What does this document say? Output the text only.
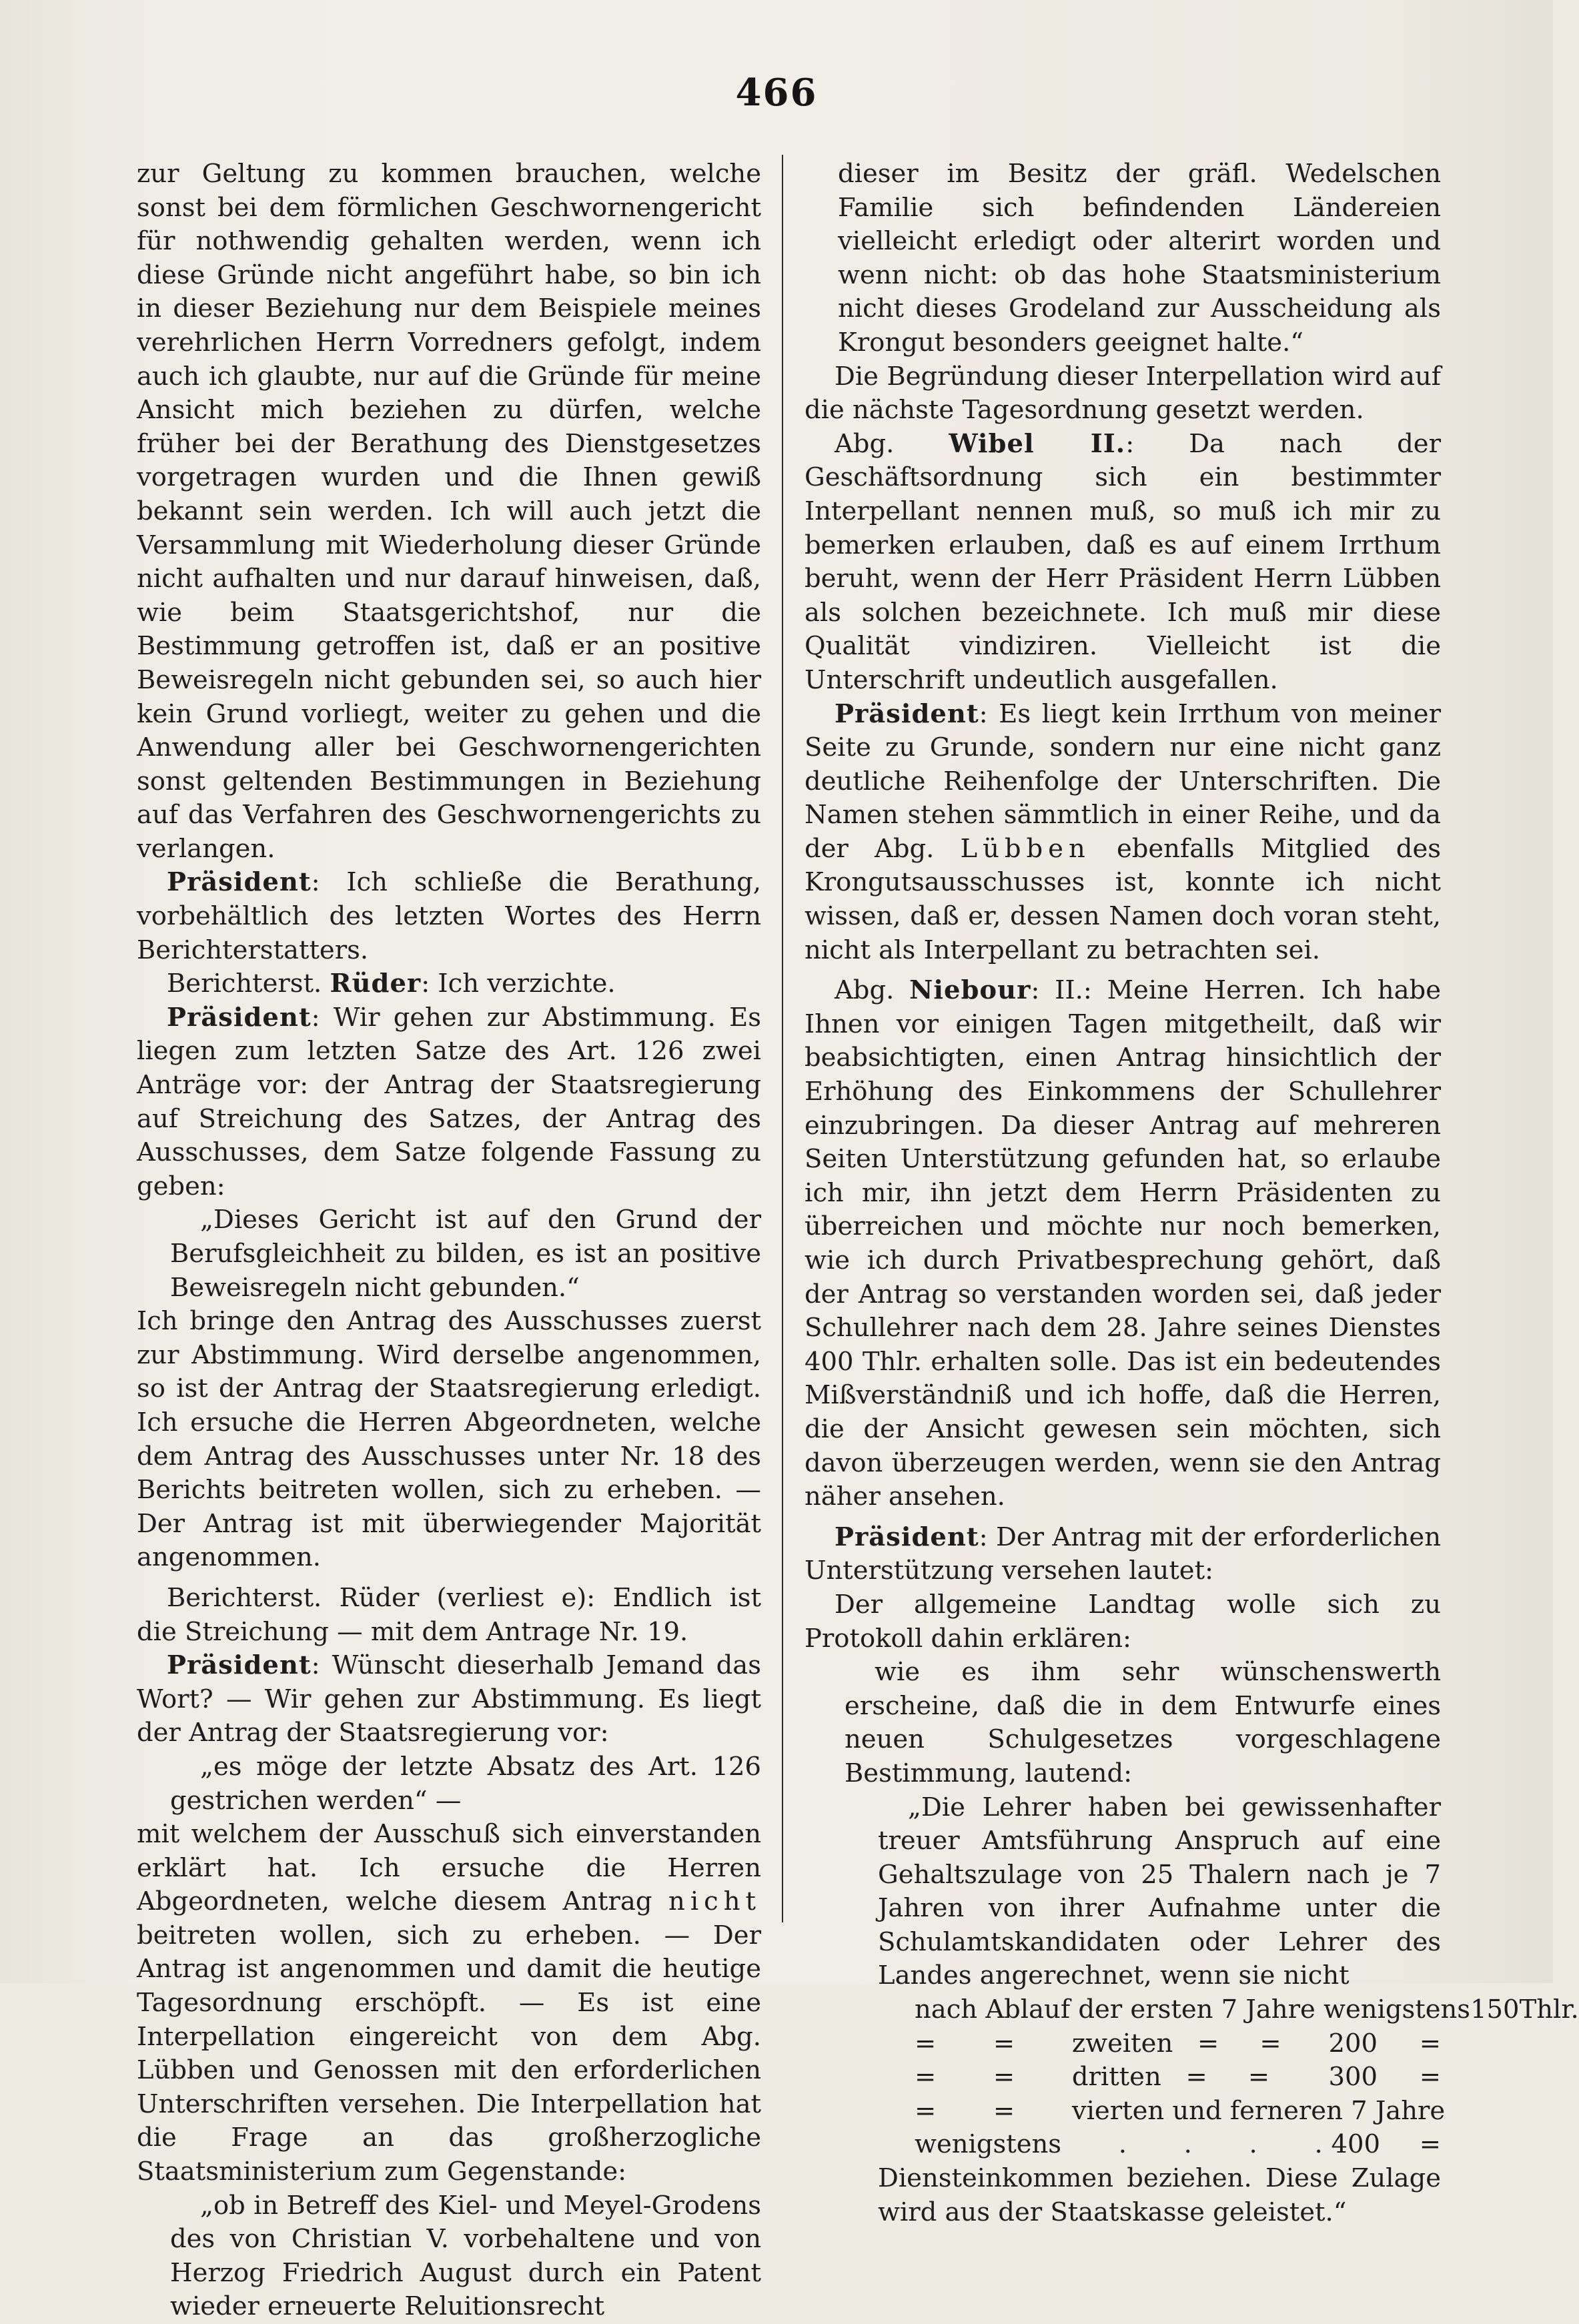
466

zur Geltung zu kommen brauchen, welche sonst bei dem förmlichen Geschwornengericht für nothwendig gehalten werden, wenn ich diese Gründe nicht angeführt habe, so bin ich in dieser Beziehung nur dem Beispiele meines verehrlichen Herrn Vorredners gefolgt, indem auch ich glaubte, nur auf die Gründe für meine Ansicht mich beziehen zu dürfen, welche früher bei der Berathung des Dienstgesetzes vorgetragen wurden und die Ihnen gewiß bekannt sein werden. Ich will auch jetzt die Versammlung mit Wiederholung dieser Gründe nicht aufhalten und nur darauf hinweisen, daß, wie beim Staatsgerichtshof, nur die Bestimmung getroffen ist, daß er an positive Beweisregeln nicht gebunden sei, so auch hier kein Grund vorliegt, weiter zu gehen und die Anwendung aller bei Geschwornengerichten sonst geltenden Bestimmungen in Beziehung auf das Verfahren des Geschwornengerichts zu verlangen.

Präsident: Ich schließe die Berathung, vorbehältlich des letzten Wortes des Herrn Berichterstatters.

Berichterst. Rüder: Ich verzichte.

Präsident: Wir gehen zur Abstimmung. Es liegen zum letzten Satze des Art. 126 zwei Anträge vor: der Antrag der Staatsregierung auf Streichung des Satzes, der Antrag des Ausschusses, dem Satze folgende Fassung zu geben:

„Dieses Gericht ist auf den Grund der Berufsgleichheit zu bilden, es ist an positive Beweisregeln nicht gebunden.“

Ich bringe den Antrag des Ausschusses zuerst zur Abstimmung. Wird derselbe angenommen, so ist der Antrag der Staatsregierung erledigt. Ich ersuche die Herren Abgeordneten, welche dem Antrag des Ausschusses unter Nr. 18 des Berichts beitreten wollen, sich zu erheben. — Der Antrag ist mit überwiegender Majorität angenommen.

Berichterst. Rüder (verliest e): Endlich ist die Streichung — mit dem Antrage Nr. 19.

Präsident: Wünscht dieserhalb Jemand das Wort? — Wir gehen zur Abstimmung. Es liegt der Antrag der Staatsregierung vor:

„es möge der letzte Absatz des Art. 126 gestrichen werden“ —

mit welchem der Ausschuß sich einverstanden erklärt hat. Ich ersuche die Herren Abgeordneten, welche diesem Antrag nicht beitreten wollen, sich zu erheben. — Der Antrag ist angenommen und damit die heutige Tagesordnung erschöpft. — Es ist eine Interpellation eingereicht von dem Abg. Lübben und Genossen mit den erforderlichen Unterschriften versehen. Die Interpellation hat die Frage an das großherzogliche Staatsministerium zum Gegenstande:

„ob in Betreff des Kiel- und Meyel-Grodens des von Christian V. vorbehaltene und von Herzog Friedrich August durch ein Patent wieder erneuerte Reluitionsrecht

dieser im Besitz der gräfl. Wedelschen Familie sich befindenden Ländereien vielleicht erledigt oder alterirt worden und wenn nicht: ob das hohe Staatsministerium nicht dieses Grodeland zur Ausscheidung als Krongut besonders geeignet halte.“

Die Begründung dieser Interpellation wird auf die nächste Tagesordnung gesetzt werden.

Abg. Wibel II.: Da nach der Geschäftsordnung sich ein bestimmter Interpellant nennen muß, so muß ich mir zu bemerken erlauben, daß es auf einem Irrthum beruht, wenn der Herr Präsident Herrn Lübben als solchen bezeichnete. Ich muß mir diese Qualität vindiziren. Vielleicht ist die Unterschrift undeutlich ausgefallen.

Präsident: Es liegt kein Irrthum von meiner Seite zu Grunde, sondern nur eine nicht ganz deutliche Reihenfolge der Unterschriften. Die Namen stehen sämmtlich in einer Reihe, und da der Abg. Lübben ebenfalls Mitglied des Krongutsausschusses ist, konnte ich nicht wissen, daß er, dessen Namen doch voran steht, nicht als Interpellant zu betrachten sei.

Abg. Niebour: II.: Meine Herren. Ich habe Ihnen vor einigen Tagen mitgetheilt, daß wir beabsichtigten, einen Antrag hinsichtlich der Erhöhung des Einkommens der Schullehrer einzubringen. Da dieser Antrag auf mehreren Seiten Unterstützung gefunden hat, so erlaube ich mir, ihn jetzt dem Herrn Präsidenten zu überreichen und möchte nur noch bemerken, wie ich durch Privatbesprechung gehört, daß der Antrag so verstanden worden sei, daß jeder Schullehrer nach dem 28. Jahre seines Dienstes 400 Thlr. erhalten solle. Das ist ein bedeutendes Mißverständniß und ich hoffe, daß die Herren, die der Ansicht gewesen sein möchten, sich davon überzeugen werden, wenn sie den Antrag näher ansehen.

Präsident: Der Antrag mit der erforderlichen Unterstützung versehen lautet:

Der allgemeine Landtag wolle sich zu Protokoll dahin erklären:

wie es ihm sehr wünschenswerth erscheine, daß die in dem Entwurfe eines neuen Schulgesetzes vorgeschlagene Bestimmung, lautend:

„Die Lehrer haben bei gewissenhafter treuer Amtsführung Anspruch auf eine Gehaltszulage von 25 Thalern nach je 7 Jahren von ihrer Aufnahme unter die Schulamtskandidaten oder Lehrer des Landes angerechnet, wenn sie nicht

nach Ablauf der ersten 7 Jahre wenigstens 150 Thlr.
=       =       zweiten   =     =	200	=
=       =       dritten   =     =	300	=
=       =       vierten und ferneren 7 Jahre
wenigstens       .       .       .       . 400	=

Diensteinkommen beziehen. Diese Zulage wird aus der Staatskasse geleistet.“
